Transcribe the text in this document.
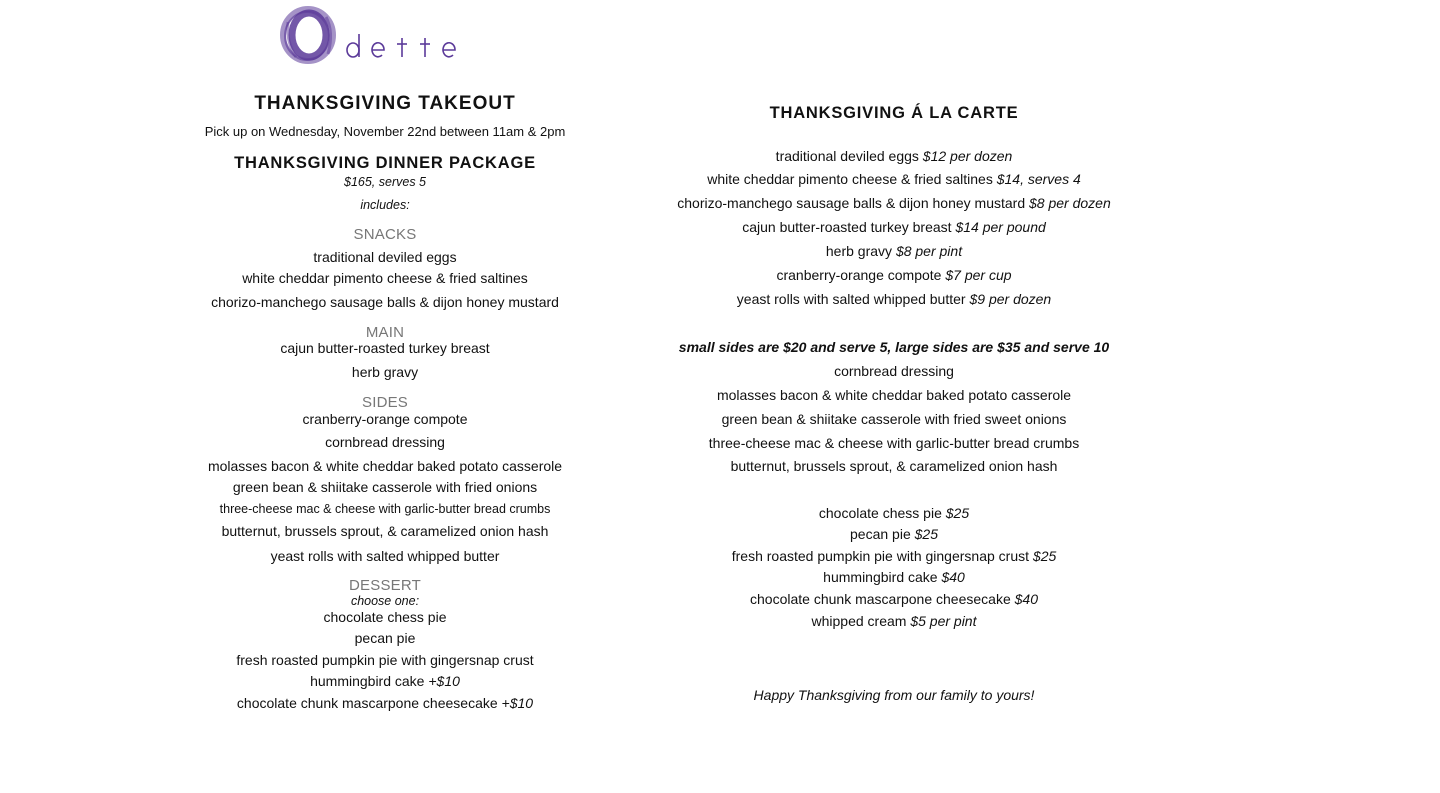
THANKSGIVING TAKEOUT
Pick up on Wednesday, November 22nd between 11am & 2pm
THANKSGIVING DINNER PACKAGE
$165, serves 5
includes:
SNACKS
traditional deviled eggs
white cheddar pimento cheese & fried saltines
chorizo-manchego sausage balls & dijon honey mustard
MAIN
cajun butter-roasted turkey breast
herb gravy
SIDES
cranberry-orange compote
cornbread dressing
molasses bacon & white cheddar baked potato casserole
green bean & shiitake casserole with fried onions
three-cheese mac & cheese with garlic-butter bread crumbs
butternut, brussels sprout, & caramelized onion hash
yeast rolls with salted whipped butter
DESSERT
choose one:
chocolate chess pie
pecan pie
fresh roasted pumpkin pie with gingersnap crust
hummingbird cake +$10
chocolate chunk mascarpone cheesecake +$10
THANKSGIVING Á LA CARTE
traditional deviled eggs $12 per dozen
white cheddar pimento cheese & fried saltines $14, serves 4
chorizo-manchego sausage balls & dijon honey mustard $8 per dozen
cajun butter-roasted turkey breast $14 per pound
herb gravy $8 per pint
cranberry-orange compote $7 per cup
yeast rolls with salted whipped butter $9 per dozen
small sides are $20 and serve 5, large sides are $35 and serve 10
cornbread dressing
molasses bacon & white cheddar baked potato casserole
green bean & shiitake casserole with fried sweet onions
three-cheese mac & cheese with garlic-butter bread crumbs
butternut, brussels sprout, & caramelized onion hash
chocolate chess pie $25
pecan pie $25
fresh roasted pumpkin pie with gingersnap crust $25
hummingbird cake $40
chocolate chunk mascarpone cheesecake $40
whipped cream $5 per pint
Happy Thanksgiving from our family to yours!
